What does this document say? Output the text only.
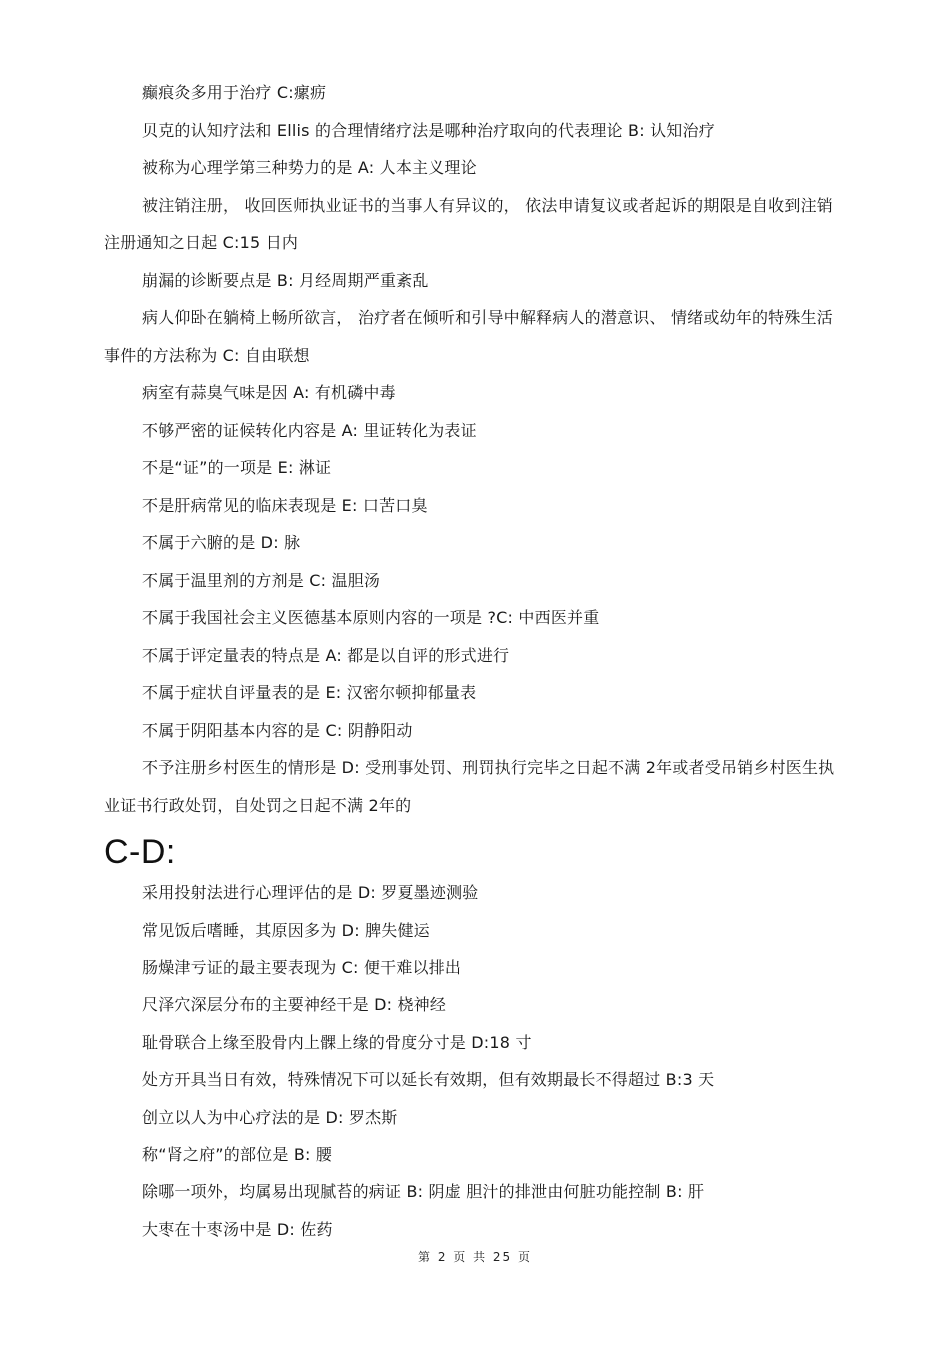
癫痕灸多用于治疗 C:瘰疬

贝克的认知疗法和 Ellis 的合理情绪疗法是哪种治疗取向的代表理论 B: 认知治疗

被称为心理学第三种势力的是 A: 人本主义理论

被注销注册， 收回医师执业证书的当事人有异议的， 依法申请复议或者起诉的期限是自收到注销注册通知之日起 C:15 日内

崩漏的诊断要点是 B: 月经周期严重紊乱

病人仰卧在躺椅上畅所欲言， 治疗者在倾听和引导中解释病人的潜意识、 情绪或幼年的特殊生活事件的方法称为 C: 自由联想

病室有蒜臭气味是因 A: 有机磷中毒

不够严密的证候转化内容是 A: 里证转化为表证

不是“证”的一项是 E: 淋证

不是肝病常见的临床表现是 E: 口苦口臭

不属于六腑的是 D: 脉

不属于温里剂的方剂是 C: 温胆汤

不属于我国社会主义医德基本原则内容的一项是 ?C: 中西医并重

不属于评定量表的特点是 A: 都是以自评的形式进行

不属于症状自评量表的是 E: 汉密尔顿抑郁量表

不属于阴阳基本内容的是 C: 阴静阳动

不予注册乡村医生的情形是 D: 受刑事处罚、刑罚执行完毕之日起不满 2年或者受吊销乡村医生执业证书行政处罚，自处罚之日起不满 2年的

C-D:

采用投射法进行心理评估的是 D: 罗夏墨迹测验

常见饭后嗜睡，其原因多为 D: 脾失健运

肠燥津亏证的最主要表现为 C: 便干难以排出

尺泽穴深层分布的主要神经干是 D: 桡神经

耻骨联合上缘至股骨内上髁上缘的骨度分寸是 D:18 寸

处方开具当日有效，特殊情况下可以延长有效期，但有效期最长不得超过 B:3 天

创立以人为中心疗法的是 D: 罗杰斯

称“肾之府”的部位是 B: 腰

除哪一项外，均属易出现腻苔的病证 B: 阴虚 胆汁的排泄由何脏功能控制 B: 肝

大枣在十枣汤中是 D: 佐药

第 2 页 共 25 页
